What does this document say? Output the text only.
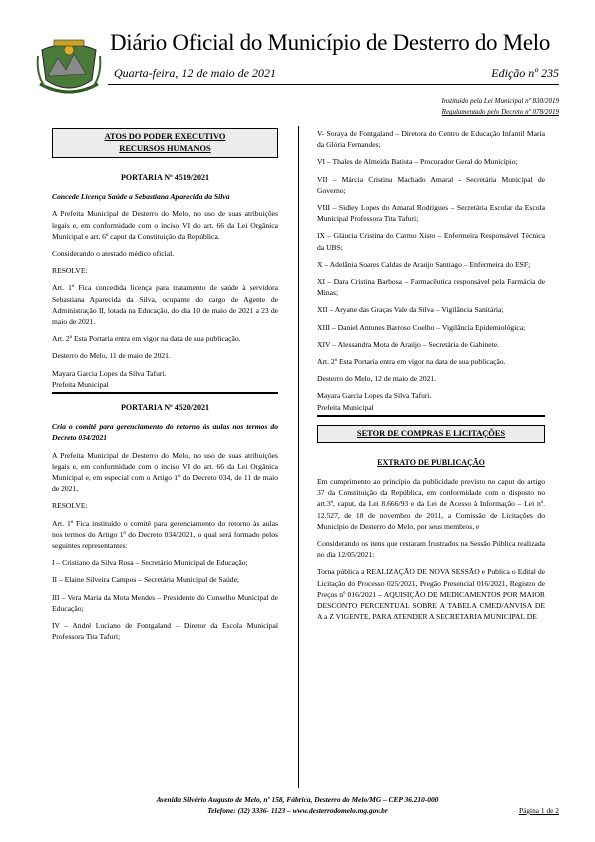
Diário Oficial do Município de Desterro do Melo
Quarta-feira, 12 de maio de 2021	Edição nº 235
Instituído pela Lei Municipal nº 830/2019
Regulamentado pelo Decreto nº 078/2019
ATOS DO PODER EXECUTIVO
RECURSOS HUMANOS
PORTARIA Nº 4519/2021

Concede Licença Saúde a Sebastiana Aparecida da Silva

A Prefeita Municipal de Desterro do Melo, no uso de suas atribuições legais e, em conformidade com o inciso VI do art. 66 da Lei Orgânica Municipal e art. 6º caput da Constituição da República.

Considerando o atestado médico oficial.

RESOLVE:

Art. 1º Fica concedida licença para tratamento de saúde à servidora Sebastiana Aparecida da Silva, ocupante do cargo de Agente de Administração II, lotada na Educação, do dia 10 de maio de 2021 a 23 de maio de 2021.

Art. 2º Esta Portaria entra em vigor na data de sua publicação.

Desterro do Melo, 11 de maio de 2021.

Mayara Garcia Lopes da Silva Tafuri.

Prefeita Municipal

PORTARIA Nº 4520/2021

Cria o comitê para gerenciamento do retorno às aulas nos termos do Decreto 034/2021

A Prefeita Municipal de Desterro do Melo, no uso de suas atribuições legais e, em conformidade com o inciso VI do art. 66 da Lei Orgânica Municipal e, em especial com o Artigo 1º do Decreto 034, de 11 de maio de 2021,

RESOLVE:

Art. 1º Fica instituído o comitê para gerenciamento do retorno às aulas nos termos do Artigo 1º do Decreto 034/2021, o qual será formado pelos seguintes representantes:

I – Cristiano da Silva Rosa – Secretário Municipal de Educação;

II – Elaine Silveira Campos – Secretária Municipal de Saúde;

III – Vera Maria da Mota Mendes – Presidente do Conselho Municipal de Educação;

IV – André Luciano de Fontgaland – Diretor da Escola Municipal Professora Tita Tafuri;

V- Soraya de Fontgaland – Diretora do Centro de Educação Infantil Maria da Glória Fernandes;

VI – Thales de Almeida Batista – Procurador Geral do Município;

VII – Márcia Cristina Machado Amaral - Secretária Municipal de Governo;

VIII – Sidley Lopes do Amaral Rodrigues – Secretária Escolar da Escola Municipal Professora Tita Tafuri;

IX – Gláucia Cristina do Carmo Xisto – Enfermeira Responsável Técnica da UBS;

X – Adelânia Soares Caldas de Araújo Santiago – Enfermeira do ESF;

XI – Dara Cristina Barbosa – Farmacêutica responsável pela Farmácia de Minas;

XII – Aryane das Graças Vale da Silva – Vigilância Sanitária;

XIII – Daniel Antunes Barroso Coelho – Vigilância Epidemiológica;

XIV – Alessandra Mota de Araújo – Secretária de Gabinete.

Art. 2º Esta Portaria entra em vigor na data de sua publicação.

Desterro do Melo, 12 de maio de 2021.

Mayara Garcia Lopes da Silva Tafuri.

Prefeita Municipal

SETOR DE COMPRAS E LICITAÇÕES
EXTRATO DE PUBLICAÇÃO

Em cumprimento ao princípio da publicidade previsto no caput do artigo 37 da Constituição da República, em conformidade com o disposto no art.3º, caput, da Lei 8.666/93 e da Lei de Acesso à Informação – Lei nº. 12.527, de 18 de novembro de 2011, a Comissão de Licitações do Município de Desterro do Melo, por seus membros, e

Considerando os itens que restaram frustrados na Sessão Pública realizada no dia 12/05/2021:

Torna pública a REALIZAÇÃO DE NOVA SESSÃO e Publica o Edital de Licitação do Processo 025/2021, Pregão Presencial 016/2021, Registro de Preços nº 016/2021 – AQUISIÇÃO DE MEDICAMENTOS POR MAIOR DESCONTO PERCENTUAL SOBRE A TABELA CMED/ANVISA DE A a Z VIGENTE, PARA ATENDER A SECRETARIA MUNICIPAL DE

Avenida Silvério Augusto de Melo, nº 158, Fábrica, Desterro do Melo/MG – CEP 36.210-000
Telefone: (32) 3336- 1123 – www.desterrodomelo.mg.gov.br	Página 1 de 2
